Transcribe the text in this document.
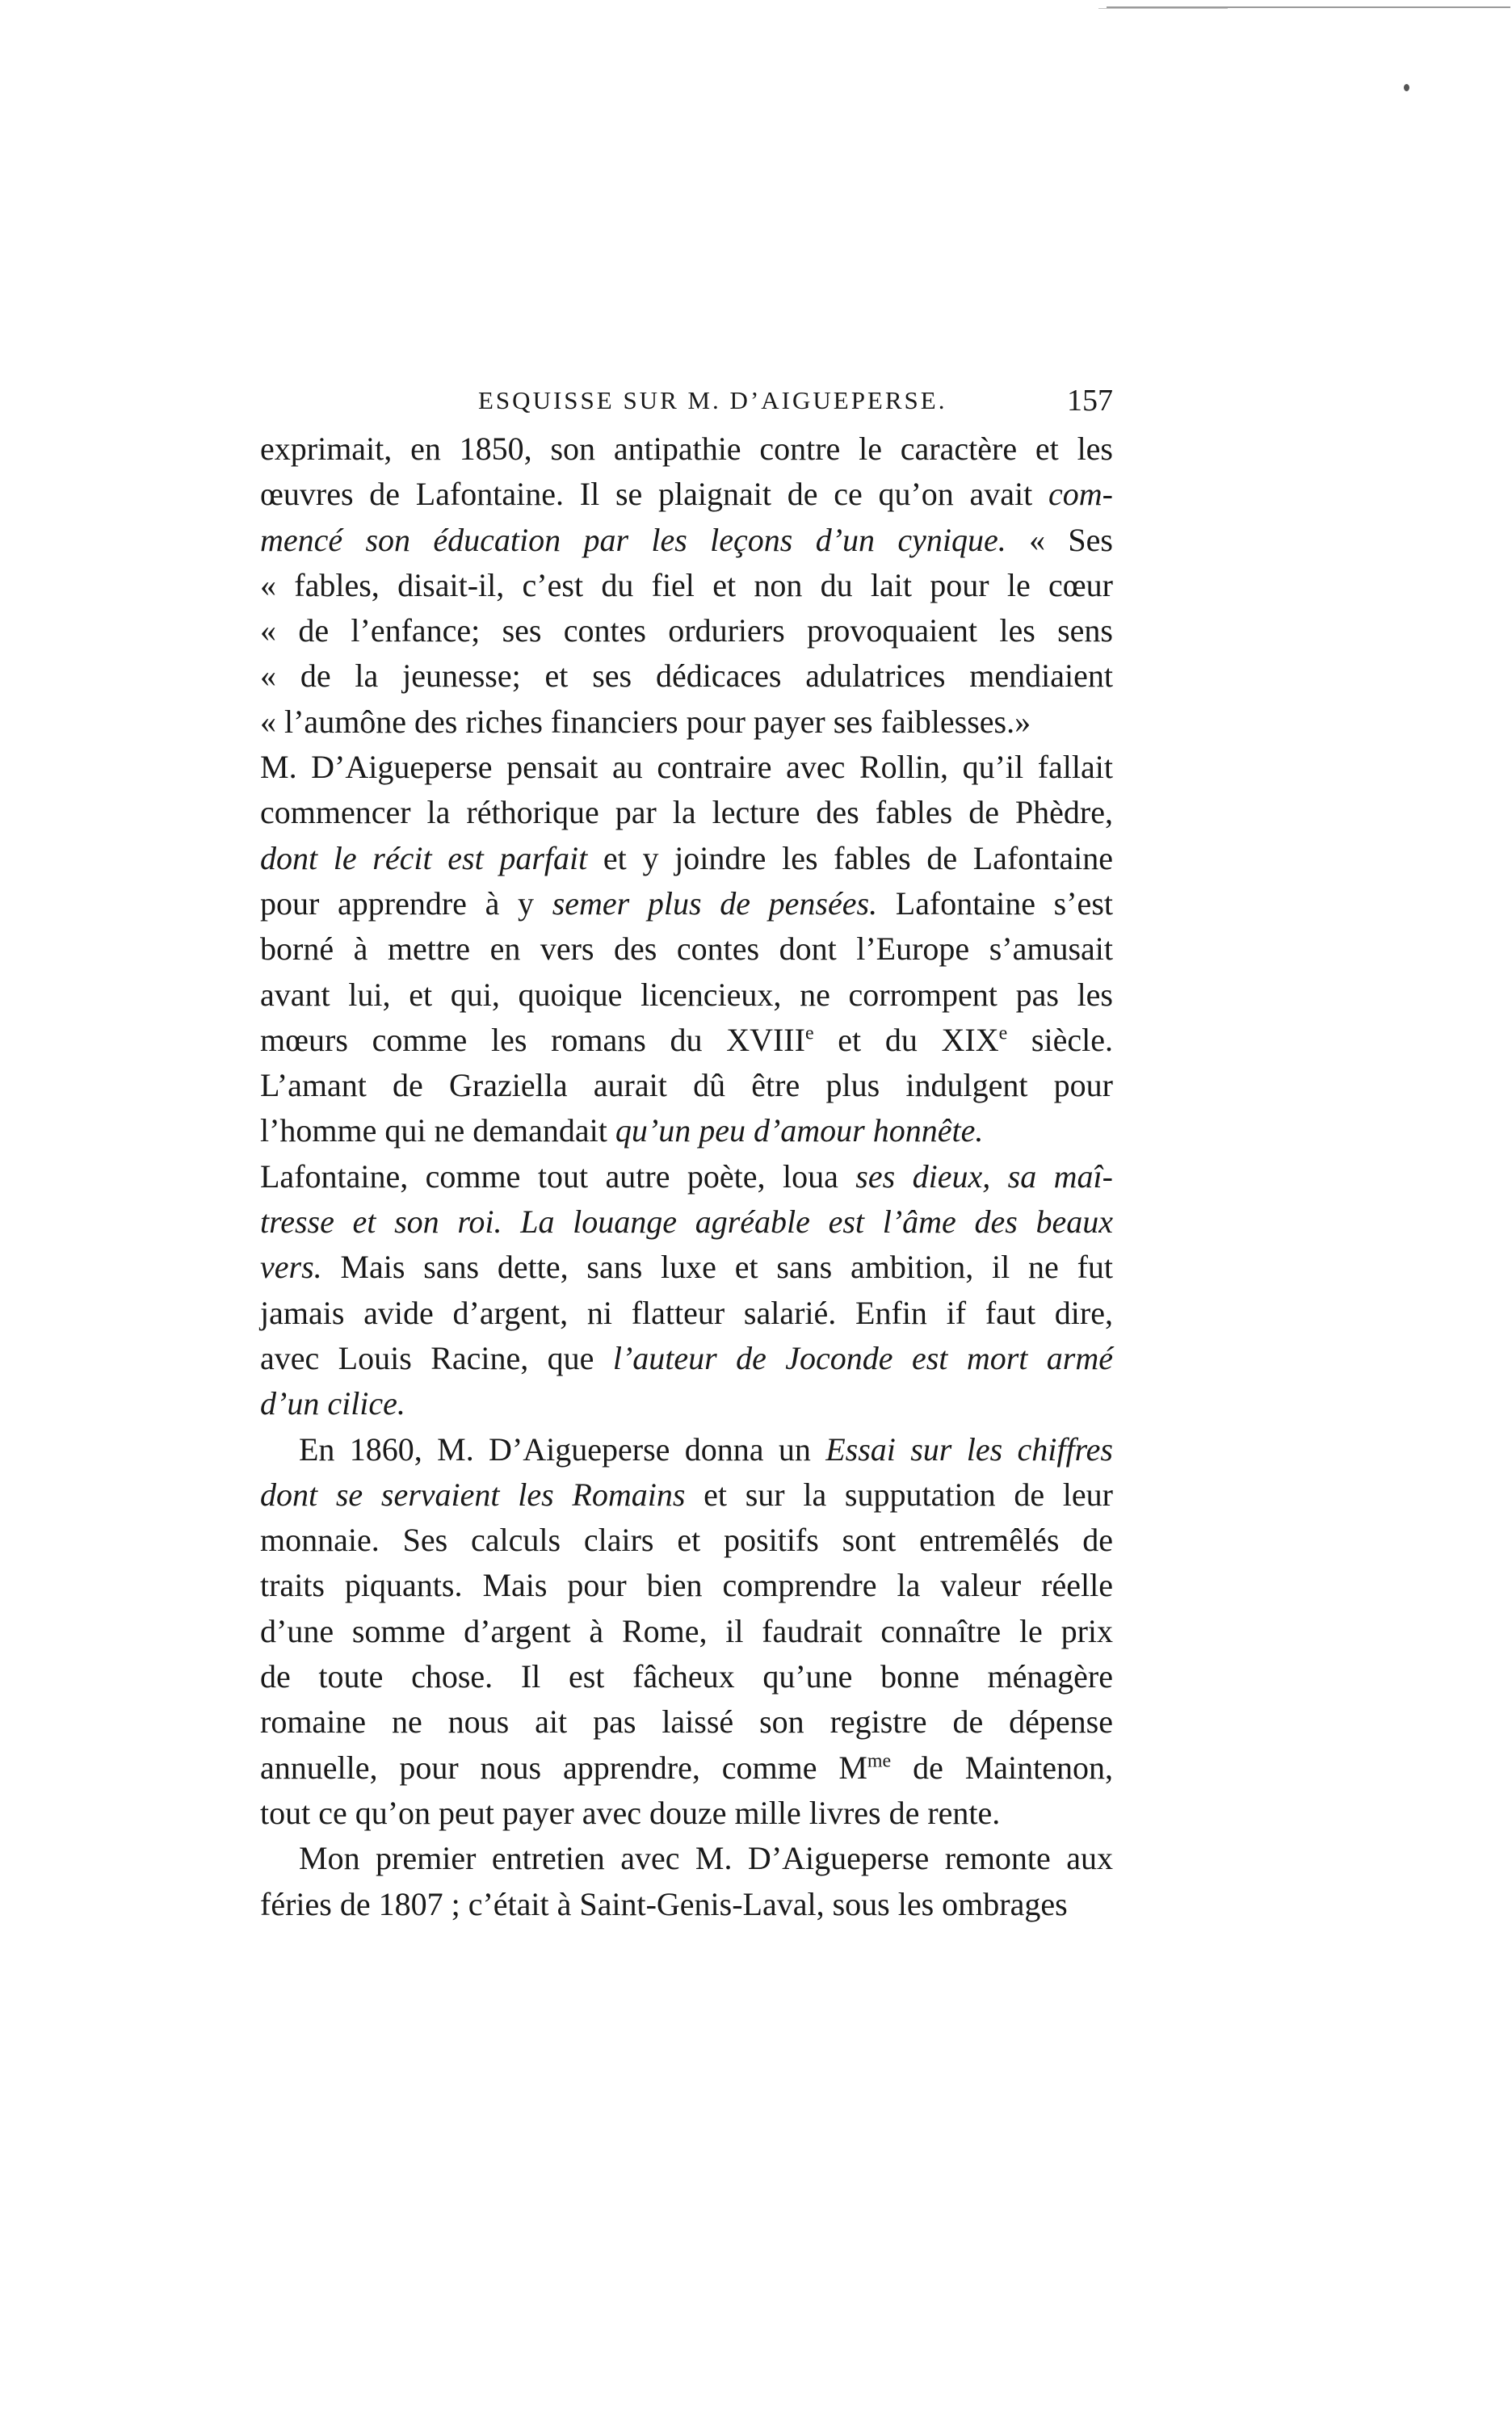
ESQUISSE SUR M. D’AIGUEPERSE.	157

exprimait, en 1850, son antipathie contre le caractère et les

œuvres de Lafontaine. Il se plaignait de ce qu’on avait com-

mencé son éducation par les leçons d’un cynique. « Ses

« fables, disait-il, c’est du fiel et non du lait pour le cœur

« de l’enfance; ses contes orduriers provoquaient les sens

« de la jeunesse; et ses dédicaces adulatrices mendiaient

« l’aumône des riches financiers pour payer ses faiblesses.»

M. D’Aigueperse pensait au contraire avec Rollin, qu’il fallait

commencer la réthorique par la lecture des fables de Phèdre,

dont le récit est parfait et y joindre les fables de Lafontaine

pour apprendre à y semer plus de pensées. Lafontaine s’est

borné à mettre en vers des contes dont l’Europe s’amusait

avant lui, et qui, quoique licencieux, ne corrompent pas les

mœurs comme les romans du XVIIIe et du XIXe siècle.

L’amant de Graziella aurait dû être plus indulgent pour

l’homme qui ne demandait qu’un peu d’amour honnête.

Lafontaine, comme tout autre poète, loua ses dieux, sa maî-

tresse et son roi. La louange agréable est l’âme des beaux

vers. Mais sans dette, sans luxe et sans ambition, il ne fut

jamais avide d’argent, ni flatteur salarié. Enfin if faut dire,

avec Louis Racine, que l’auteur de Joconde est mort armé

d’un cilice.

En 1860, M. D’Aigueperse donna un Essai sur les chiffres

dont se servaient les Romains et sur la supputation de leur

monnaie. Ses calculs clairs et positifs sont entremêlés de

traits piquants. Mais pour bien comprendre la valeur réelle

d’une somme d’argent à Rome, il faudrait connaître le prix

de toute chose. Il est fâcheux qu’une bonne ménagère

romaine ne nous ait pas laissé son registre de dépense

annuelle, pour nous apprendre, comme $M^{me}$ de Maintenon,

tout ce qu’on peut payer avec douze mille livres de rente.

Mon premier entretien avec M. D’Aigueperse remonte aux

féries de 1807 ; c’était à Saint-Genis-Laval, sous les ombrages
